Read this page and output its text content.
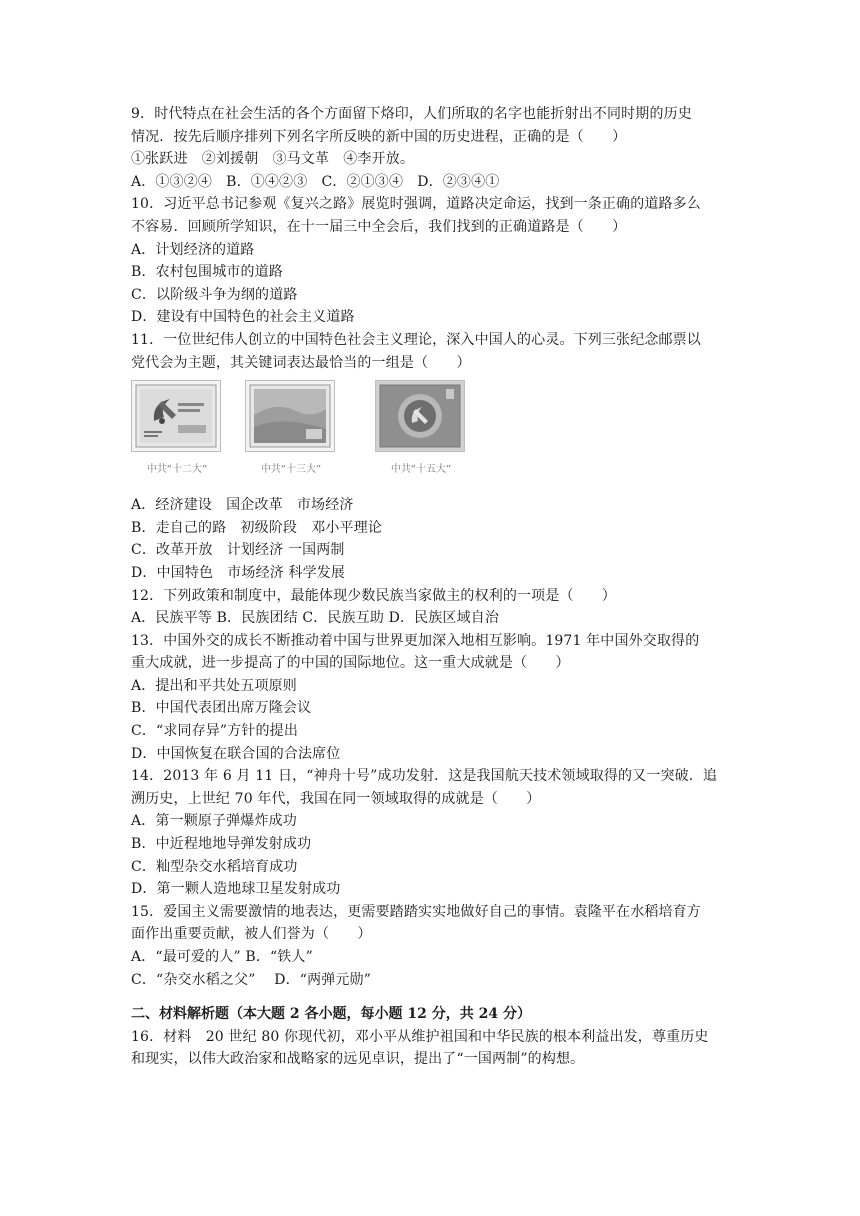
9．时代特点在社会生活的各个方面留下烙印，人们所取的名字也能折射出不同时期的历史
情况．按先后顺序排列下列名字所反映的新中国的历史进程，正确的是（　　）
①张跃进　②刘援朝　③马文革　④李开放。
A．①③②④　B．①④②③　C．②①③④　D．②③④①
10．习近平总书记参观《复兴之路》展览时强调，道路决定命运，找到一条正确的道路多么
不容易．回顾所学知识，在十一届三中全会后，我们找到的正确道路是（　　）
A．计划经济的道路
B．农村包围城市的道路
C．以阶级斗争为纲的道路
D．建设有中国特色的社会主义道路
11．一位世纪伟人创立的中国特色社会主义理论，深入中国人的心灵。下列三张纪念邮票以
党代会为主题，其关键词表达最恰当的一组是（　　）
中共“十二大”	中共“十三大”	中共“十五大”
A．经济建设　国企改革　市场经济
B．走自己的路　初级阶段　邓小平理论
C．改革开放　计划经济 一国两制
D．中国特色　市场经济 科学发展
12．下列政策和制度中，最能体现少数民族当家做主的权利的一项是（　　）
A．民族平等 B．民族团结 C．民族互助 D．民族区域自治
13．中国外交的成长不断推动着中国与世界更加深入地相互影响。1971 年中国外交取得的
重大成就，进一步提高了的中国的国际地位。这一重大成就是（　　）
A．提出和平共处五项原则
B．中国代表团出席万隆会议
C．“求同存异”方针的提出
D．中国恢复在联合国的合法席位
14．2013 年 6 月 11 日，“神舟十号”成功发射．这是我国航天技术领域取得的又一突破．追
溯历史，上世纪 70 年代，我国在同一领域取得的成就是（　　）
A．第一颗原子弹爆炸成功
B．中近程地地导弹发射成功
C．籼型杂交水稻培育成功
D．第一颗人造地球卫星发射成功
15．爱国主义需要激情的地表达，更需要踏踏实实地做好自己的事情。袁隆平在水稻培育方
面作出重要贡献，被人们誉为（　　）
A．“最可爱的人” B．“铁人”
C．“杂交水稻之父”　 D．“两弹元勋”
二、材料解析题（本大题 2 各小题，每小题 12 分，共 24 分）
16．材料　20 世纪 80 你现代初，邓小平从维护祖国和中华民族的根本利益出发，尊重历史
和现实，以伟大政治家和战略家的远见卓识，提出了“一国两制”的构想。
